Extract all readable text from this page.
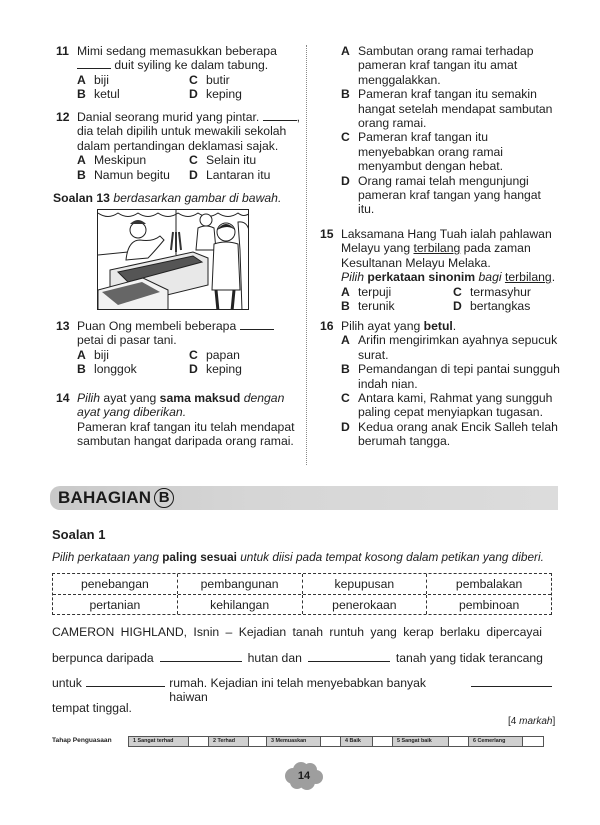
11 Mimi sedang memasukkan beberapa
duit syiling ke dalam tabung.
A biji	C butir
B ketul	D keping
12 Danial seorang murid yang pintar.	,
dia telah dipilih untuk mewakili sekolah
dalam pertandingan deklamasi sajak.
A Meskipun	C Selain itu
B Namun begitu D Lantaran itu
Soalan 13 berdasarkan gambar di bawah.
13 Puan Ong membeli beberapa
petai di pasar tani.
A biji	C papan
B longgok	D keping
14 Pilih ayat yang sama maksud dengan
ayat yang diberikan.
Pameran kraf tangan itu telah mendapat
sambutan hangat daripada orang ramai.
A Sambutan orang ramai terhadap
pameran kraf tangan itu amat
menggalakkan.
B Pameran kraf tangan itu semakin
hangat setelah mendapat sambutan
orang ramai.
C Pameran kraf tangan itu
menyebabkan orang ramai
menyambut dengan hebat.
D Orang ramai telah mengunjungi
pameran kraf tangan yang hangat
itu.
15 Laksamana Hang Tuah ialah pahlawan
Melayu yang terbilang pada zaman
Kesultanan Melayu Melaka.
Pilih perkataan sinonim bagi terbilang.
A terpuji	C termasyhur
B terunik	D bertangkas
16 Pilih ayat yang betul.
A Arifin mengirimkan ayahnya sepucuk
surat.
B Pemandangan di tepi pantai sungguh
indah nian.
C Antara kami, Rahmat yang sungguh
paling cepat menyiapkan tugasan.
D Kedua orang anak Encik Salleh telah
berumah tangga.
BAHAGIAN B
Soalan 1
Pilih perkataan yang paling sesuai untuk diisi pada tempat kosong dalam petikan yang diberi.
penebangan	pembangunan	kepupusan	pembalakan
pertanian	kehilangan	penerokaan	pembinoan
CAMERON HIGHLAND, Isnin – Kejadian tanah runtuh yang kerap berlaku dipercayai
berpunca daripada	hutan dan	tanah yang tidak terancang
untuk	rumah. Kejadian ini telah menyebabkan banyak haiwan
tempat tinggal.
[4 markah]
Tahap Penguasaan	1 Sangat terhad	2 Terhad	3 Memuaskan	4 Baik	5 Sangat baik	6 Cemerlang
14
